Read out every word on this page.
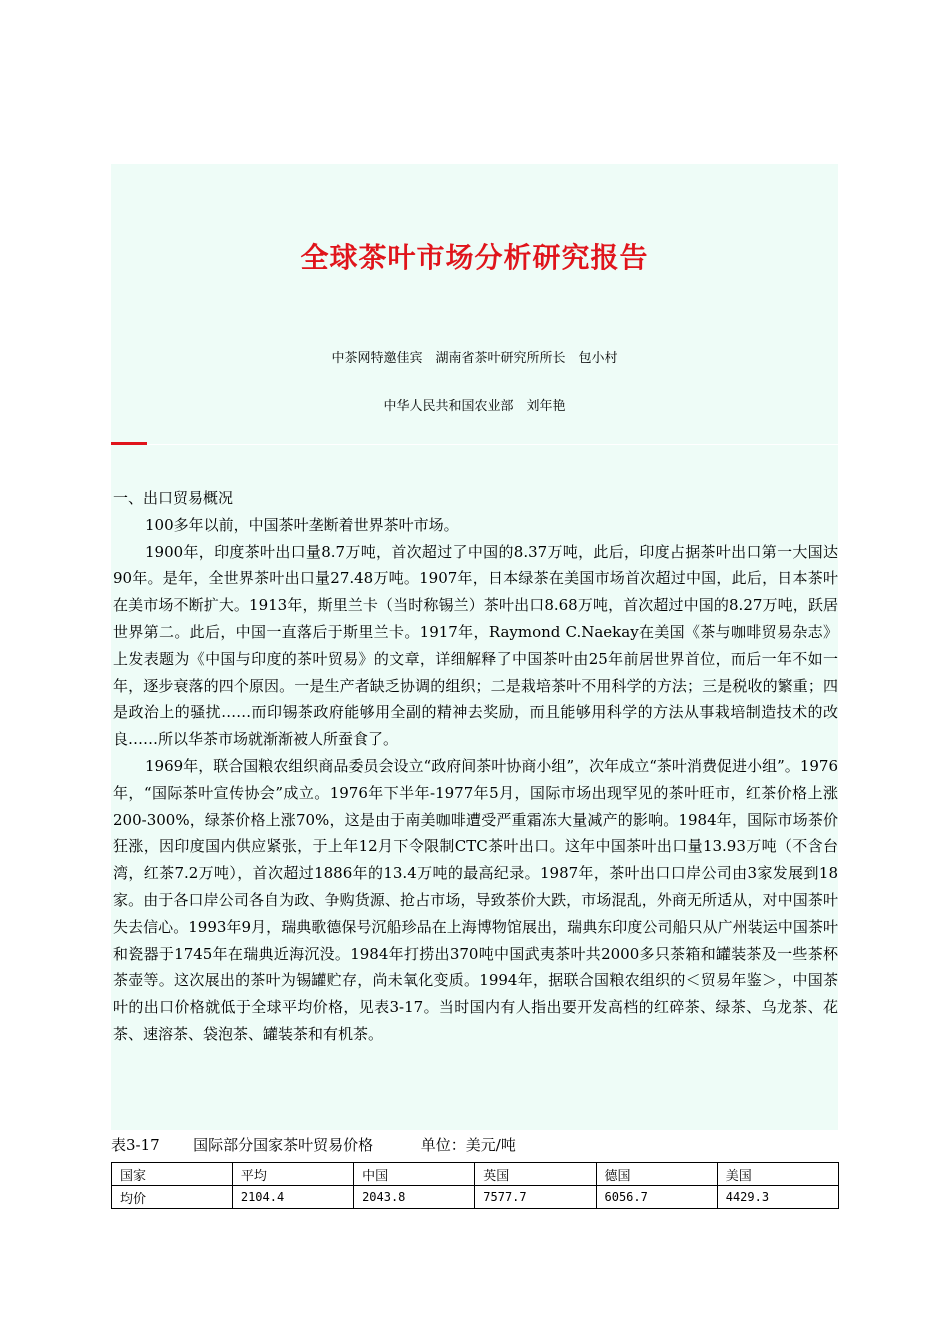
全球茶叶市场分析研究报告
中茶网特邀佳宾　湖南省茶叶研究所所长　包小村
中华人民共和国农业部　刘年艳

一、出口贸易概况

100多年以前，中国茶叶垄断着世界茶叶市场。

1900年，印度茶叶出口量8.7万吨，首次超过了中国的8.37万吨，此后，印度占据茶叶出口第一大国达90年。是年，全世界茶叶出口量27.48万吨。1907年，日本绿茶在美国市场首次超过中国，此后，日本茶叶在美市场不断扩大。1913年，斯里兰卡（当时称锡兰）茶叶出口8.68万吨，首次超过中国的8.27万吨，跃居世界第二。此后，中国一直落后于斯里兰卡。1917年，Raymond C.Naekay在美国《茶与咖啡贸易杂志》上发表题为《中国与印度的茶叶贸易》的文章，详细解释了中国茶叶由25年前居世界首位，而后一年不如一年，逐步衰落的四个原因。一是生产者缺乏协调的组织；二是栽培茶叶不用科学的方法；三是税收的繁重；四是政治上的骚扰……而印锡茶政府能够用全副的精神去奖励，而且能够用科学的方法从事栽培制造技术的改良……所以华茶市场就渐渐被人所蚕食了。

1969年，联合国粮农组织商品委员会设立“政府间茶叶协商小组”，次年成立“茶叶消费促进小组”。1976年，“国际茶叶宣传协会”成立。1976年下半年-1977年5月，国际市场出现罕见的茶叶旺市，红茶价格上涨200-300%，绿茶价格上涨70%，这是由于南美咖啡遭受严重霜冻大量减产的影响。1984年，国际市场茶价狂涨，因印度国内供应紧张，于上年12月下令限制CTC茶叶出口。这年中国茶叶出口量13.93万吨（不含台湾，红茶7.2万吨），首次超过1886年的13.4万吨的最高纪录。1987年，茶叶出口口岸公司由3家发展到18家。由于各口岸公司各自为政、争购货源、抢占市场，导致茶价大跌，市场混乱，外商无所适从，对中国茶叶失去信心。1993年9月，瑞典歌德保号沉船珍品在上海博物馆展出，瑞典东印度公司船只从广州装运中国茶叶和瓷器于1745年在瑞典近海沉没。1984年打捞出370吨中国武夷茶叶共2000多只茶箱和罐装茶及一些茶杯茶壶等。这次展出的茶叶为锡罐贮存，尚未氧化变质。1994年，据联合国粮农组织的＜贸易年鉴＞，中国茶叶的出口价格就低于全球平均价格，见表3-17。当时国内有人指出要开发高档的红碎茶、绿茶、乌龙茶、花茶、速溶茶、袋泡茶、罐装茶和有机茶。

表3-17 国际部分国家茶叶贸易价格	单位：美元/吨
国家	平均	中国	英国	德国	美国
均价	2104.4	2043.8	7577.7	6056.7	4429.3
